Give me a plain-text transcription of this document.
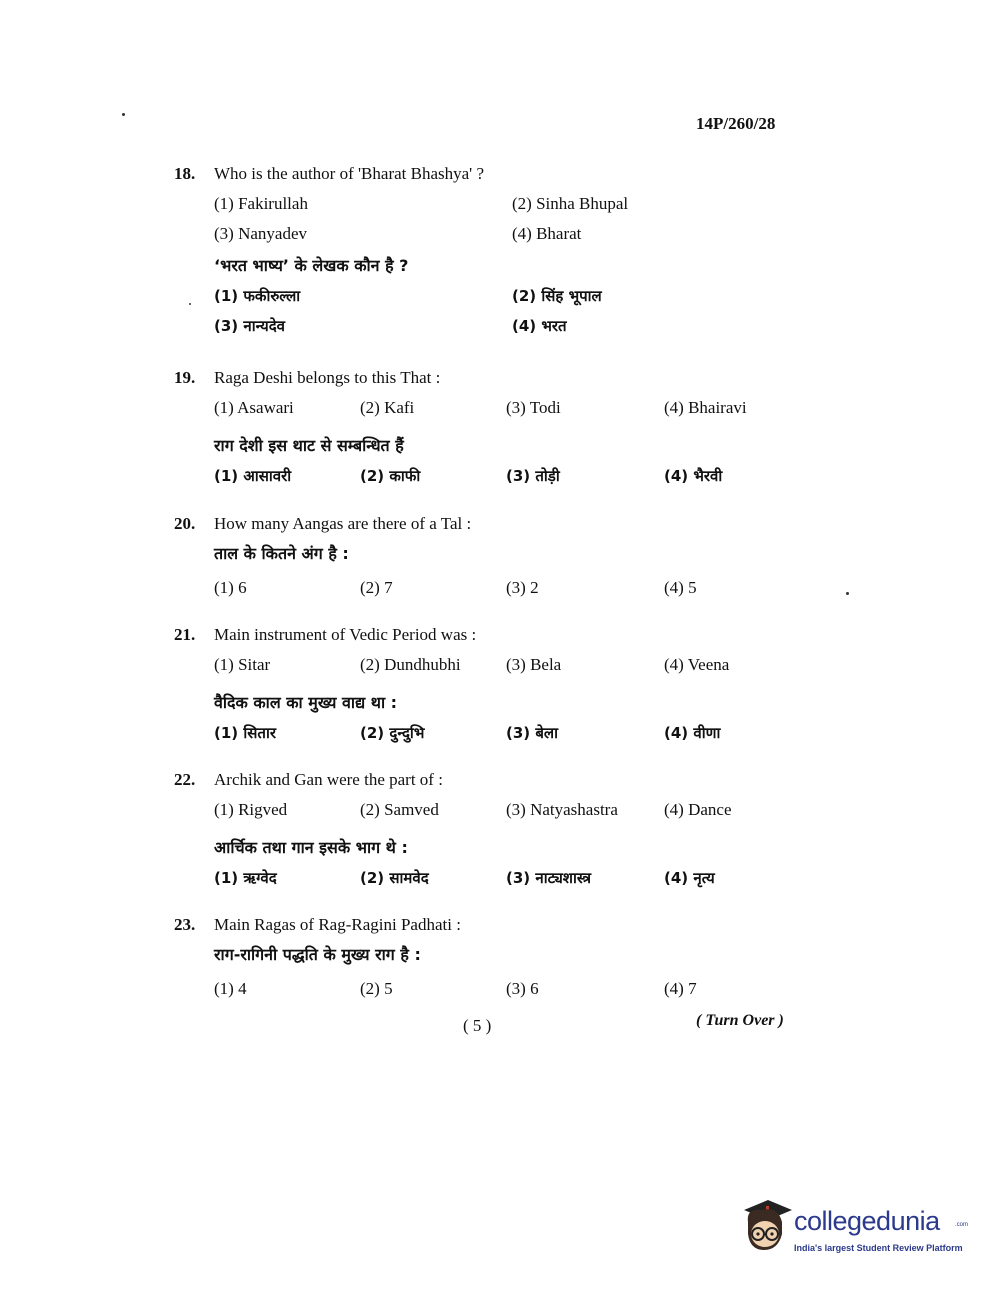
14P/260/28
18. Who is the author of 'Bharat Bhashya' ?
(1) Fakirullah	(2) Sinha Bhupal
(3) Nanyadev	(4) Bharat
‘भरत भाष्य’ के लेखक कौन है ?
(1) फकीरुल्ला	(2) सिंह भूपाल
(3) नान्यदेव	(4) भरत
19. Raga Deshi belongs to this That :
(1) Asawari	(2) Kafi	(3) Todi	(4) Bhairavi
राग देशी इस थाट से सम्बन्धित हैं
(1) आसावरी	(2) काफी	(3) तोड़ी	(4) भैरवी
20. How many Aangas are there of a Tal :
ताल के कितने अंग है :
(1) 6	(2) 7	(3) 2	(4) 5
21. Main instrument of Vedic Period was :
(1) Sitar	(2) Dundhubhi	(3) Bela	(4) Veena
वैदिक काल का मुख्य वाद्य था :
(1) सितार	(2) दुन्दुभि	(3) बेला	(4) वीणा
22. Archik and Gan were the part of :
(1) Rigved	(2) Samved	(3) Natyashastra	(4) Dance
आर्चिक तथा गान इसके भाग थे :
(1) ऋग्वेद	(2) सामवेद	(3) नाट्यशास्त्र	(4) नृत्य
23. Main Ragas of Rag-Ragini Padhati :
राग-रागिनी पद्धति के मुख्य राग है :
(1) 4	(2) 5	(3) 6	(4) 7
( 5 )	( Turn Over )
collegedunia	.com
India's largest Student Review Platform
